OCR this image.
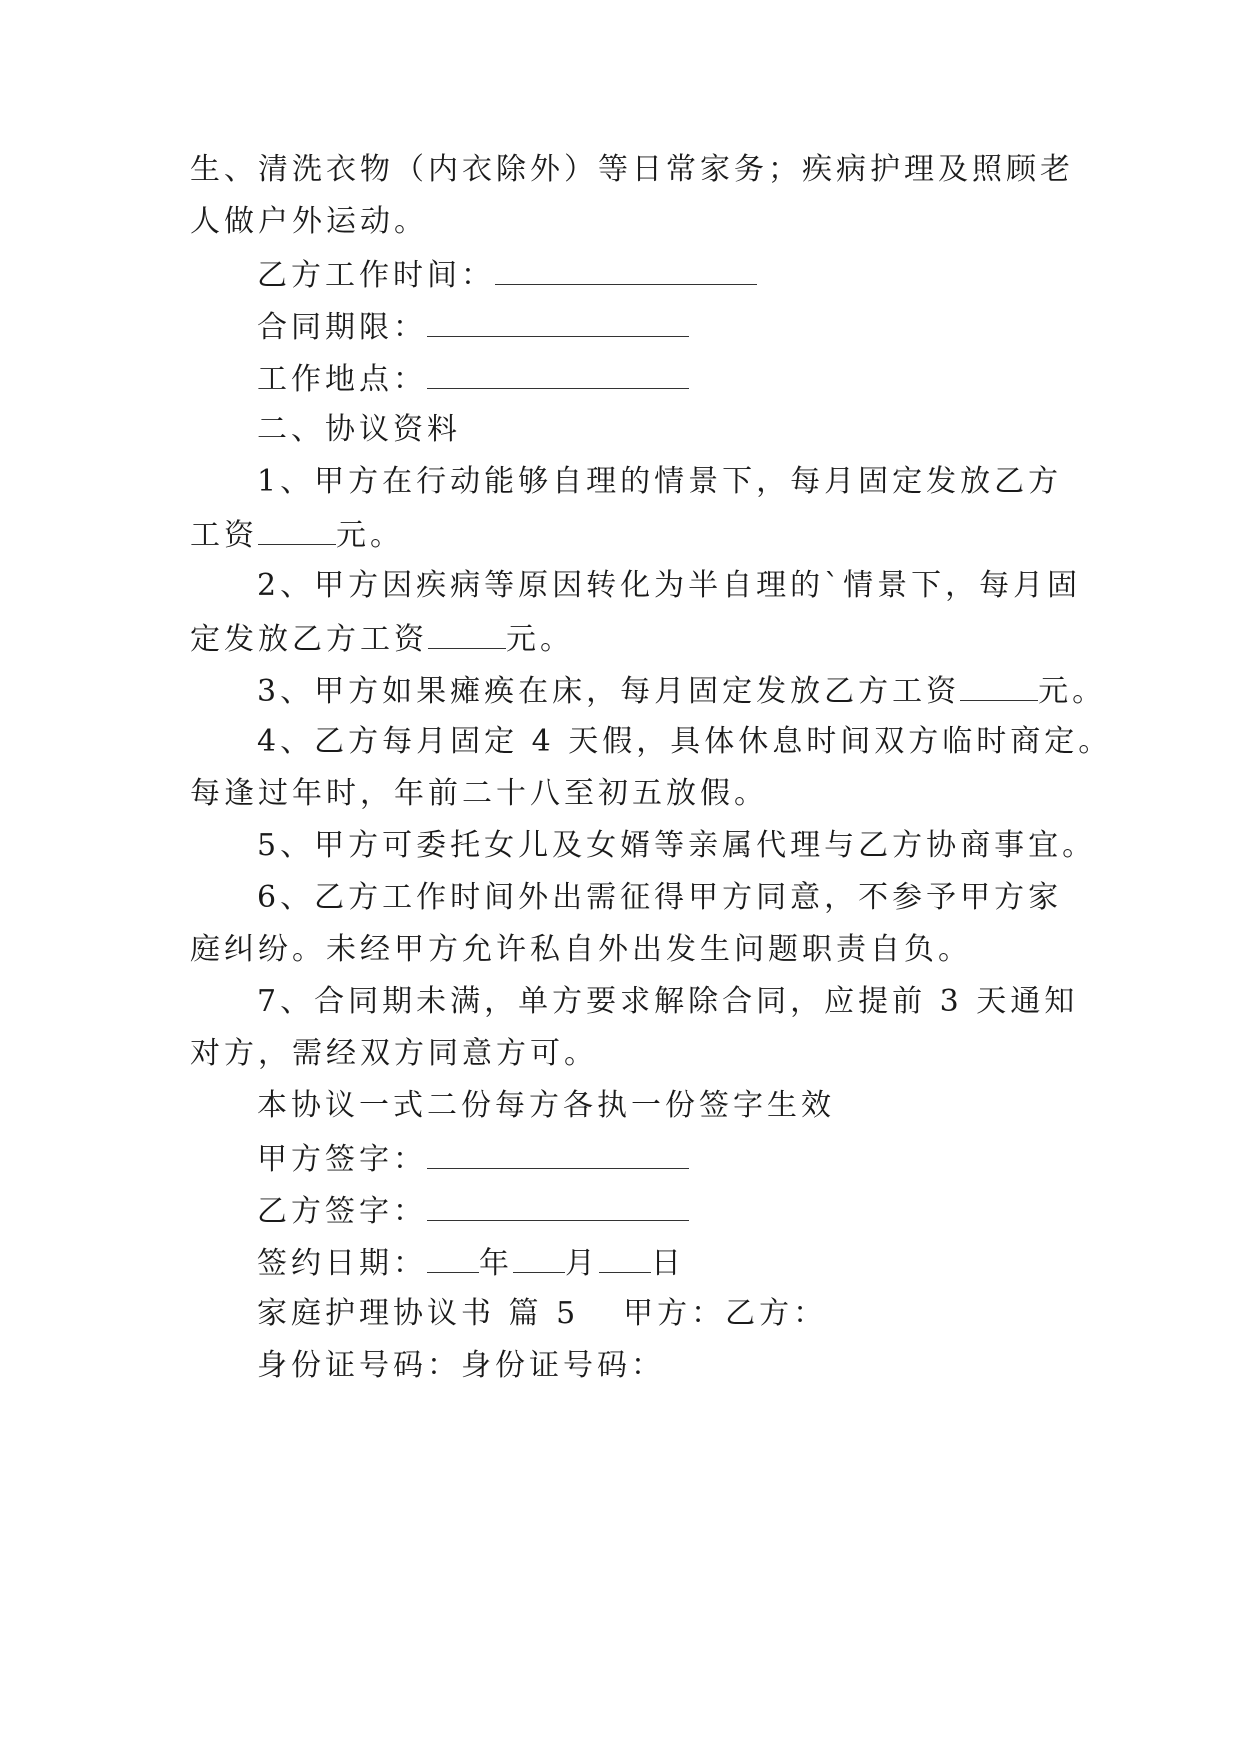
生、清洗衣物（内衣除外）等日常家务；疾病护理及照顾老
人做户外运动。
乙方工作时间：
合同期限：
工作地点：
二、协议资料
1、甲方在行动能够自理的情景下，每月固定发放乙方
工资	元。
2、甲方因疾病等原因转化为半自理的`情景下，每月固
定发放乙方工资	元。
3、甲方如果瘫痪在床，每月固定发放乙方工资	元。
4、乙方每月固定 4 天假，具体休息时间双方临时商定。
每逢过年时，年前二十八至初五放假。
5、甲方可委托女儿及女婿等亲属代理与乙方协商事宜。
6、乙方工作时间外出需征得甲方同意，不参予甲方家
庭纠纷。未经甲方允许私自外出发生问题职责自负。
7、合同期未满，单方要求解除合同，应提前 3 天通知
对方，需经双方同意方可。
本协议一式二份每方各执一份签字生效
甲方签字：
乙方签字：
签约日期： 年 月 日
家庭护理协议书 篇 5 甲方：乙方：
身份证号码：身份证号码：
